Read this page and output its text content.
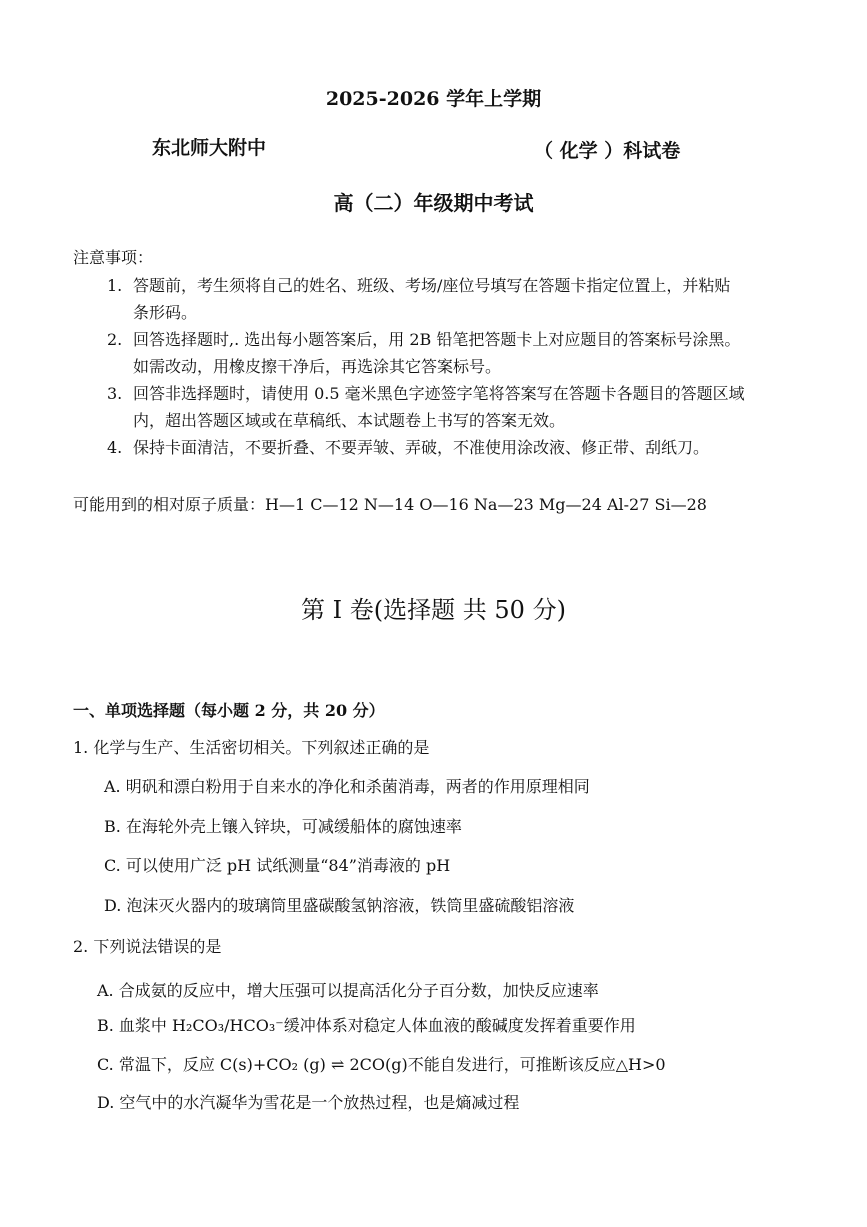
2025-2026 学年上学期
东北师大附中	（ 化学 ）科试卷
高（二）年级期中考试
注意事项：
1. 答题前，考生须将自己的姓名、班级、考场/座位号填写在答题卡指定位置上，并粘贴
条形码。
2. 回答选择题时,. 选出每小题答案后，用 2B 铅笔把答题卡上对应题目的答案标号涂黑。
如需改动，用橡皮擦干净后，再选涂其它答案标号。
3. 回答非选择题时，请使用 0.5 毫米黑色字迹签字笔将答案写在答题卡各题目的答题区域
内，超出答题区域或在草稿纸、本试题卷上书写的答案无效。
4. 保持卡面清洁，不要折叠、不要弄皱、弄破，不准使用涂改液、修正带、刮纸刀。
可能用到的相对原子质量：H—1 C—12 N—14 O—16 Na—23 Mg—24 Al-27 Si—28
第 I 卷(选择题 共 50 分)
一、单项选择题（每小题 2 分，共 20 分）
1. 化学与生产、生活密切相关。下列叙述正确的是
A. 明矾和漂白粉用于自来水的净化和杀菌消毒，两者的作用原理相同
B. 在海轮外壳上镶入锌块，可减缓船体的腐蚀速率
C. 可以使用广泛 pH 试纸测量“84”消毒液的 pH
D. 泡沫灭火器内的玻璃筒里盛碳酸氢钠溶液，铁筒里盛硫酸铝溶液
2. 下列说法错误的是
A. 合成氨的反应中，增大压强可以提高活化分子百分数，加快反应速率
B. 血浆中 H₂CO₃/HCO₃⁻缓冲体系对稳定人体血液的酸碱度发挥着重要作用
C. 常温下，反应 C(s)+CO₂ (g) ⇌ 2CO(g)不能自发进行，可推断该反应△H>0
D. 空气中的水汽凝华为雪花是一个放热过程，也是熵减过程
